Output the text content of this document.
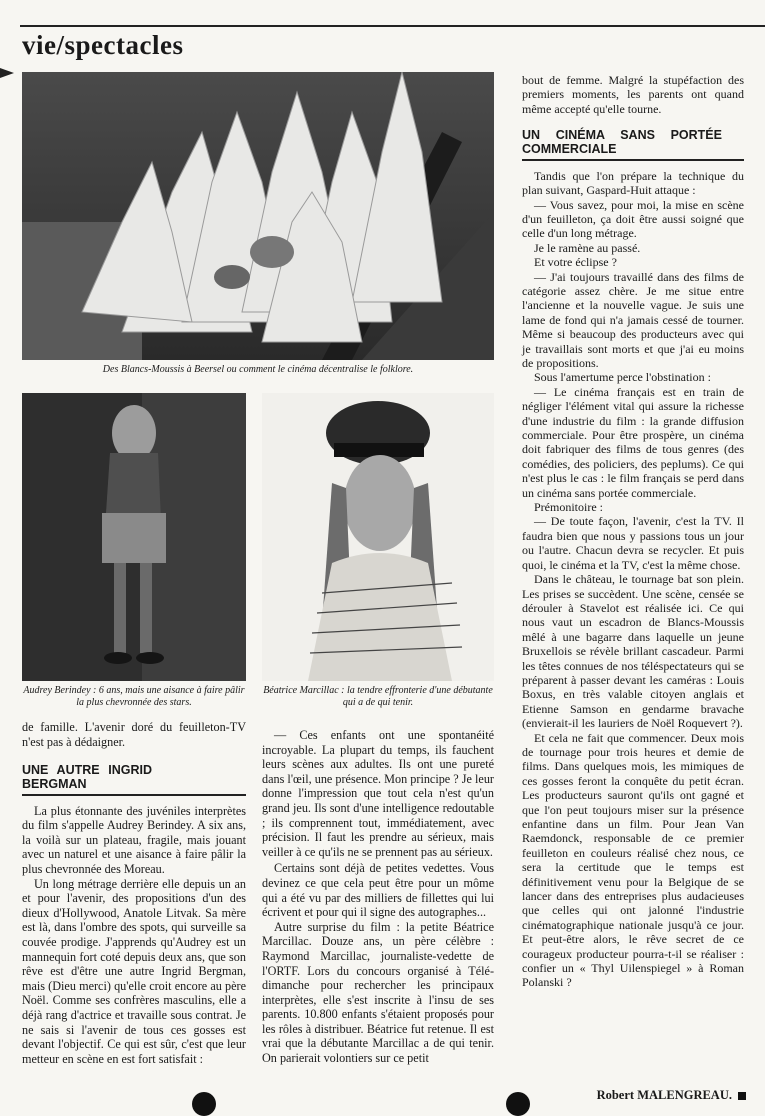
vie/spectacles
Des Blancs-Moussis à Beersel ou comment le cinéma décentralise le folklore.
Audrey Berindey : 6 ans, mais une aisance à faire pâlir la plus chevronnée des stars.
Béatrice Marcillac : la tendre effronterie d'une débutante qui a de qui tenir.

de famille. L'avenir doré du feuilleton-TV n'est pas à dédaigner.

UNE AUTRE INGRID BERGMAN

La plus étonnante des juvéniles interprètes du film s'appelle Audrey Berindey. A six ans, la voilà sur un plateau, fragile, mais jouant avec un naturel et une aisance à faire pâlir la plus chevronnée des Moreau.

Un long métrage derrière elle depuis un an et pour l'avenir, des propositions d'un des dieux d'Hollywood, Anatole Litvak. Sa mère est là, dans l'ombre des spots, qui surveille sa couvée prodige. J'apprends qu'Audrey est un mannequin fort coté depuis deux ans, que son rêve est d'être une autre Ingrid Bergman, mais (Dieu merci) qu'elle croit encore au père Noël. Comme ses confrères masculins, elle a déjà rang d'actrice et travaille sous contrat. Je ne sais si l'avenir de tous ces gosses est devant l'objectif. Ce qui est sûr, c'est que leur metteur en scène en est fort satisfait :

— Ces enfants ont une spontanéité incroyable. La plupart du temps, ils fauchent leurs scènes aux adultes. Ils ont une pureté dans l'œil, une présence. Mon principe ? Je leur donne l'impression que tout cela n'est qu'un grand jeu. Ils sont d'une intelligence redoutable ; ils comprennent tout, immédiatement, avec précision. Il faut les prendre au sérieux, mais veiller à ce qu'ils ne se prennent pas au sérieux.

Certains sont déjà de petites vedettes. Vous devinez ce que cela peut être pour un môme qui a été vu par des milliers de fillettes qui lui écrivent et pour qui il signe des autographes...

Autre surprise du film : la petite Béatrice Marcillac. Douze ans, un père célèbre : Raymond Marcillac, journaliste-vedette de l'ORTF. Lors du concours organisé à Télé-dimanche pour rechercher les principaux interprètes, elle s'est inscrite à l'insu de ses parents. 10.800 enfants s'étaient proposés pour les rôles à distribuer. Béatrice fut retenue. Il est vrai que la débutante Marcillac a de qui tenir. On parierait volontiers sur ce petit

bout de femme. Malgré la stupéfaction des premiers moments, les parents ont quand même accepté qu'elle tourne.

UN CINÉMA SANS PORTÉE COMMERCIALE

Tandis que l'on prépare la technique du plan suivant, Gaspard-Huit attaque :

— Vous savez, pour moi, la mise en scène d'un feuilleton, ça doit être aussi soigné que celle d'un long métrage.

Je le ramène au passé.

Et votre éclipse ?

— J'ai toujours travaillé dans des films de catégorie assez chère. Je me situe entre l'ancienne et la nouvelle vague. Je suis une lame de fond qui n'a jamais cessé de tourner. Même si beaucoup des producteurs avec qui je travaillais sont morts et que j'ai eu moins de propositions.

Sous l'amertume perce l'obstination :

— Le cinéma français est en train de négliger l'élément vital qui assure la richesse d'une industrie du film : la grande diffusion commerciale. Pour être prospère, un cinéma doit fabriquer des films de tous genres (des comédies, des policiers, des peplums). Ce qui n'est plus le cas : le film français se perd dans un cinéma sans portée commerciale.

Prémonitoire :

— De toute façon, l'avenir, c'est la TV. Il faudra bien que nous y passions tous un jour ou l'autre. Chacun devra se recycler. Et puis quoi, le cinéma et la TV, c'est la même chose.

Dans le château, le tournage bat son plein. Les prises se succèdent. Une scène, censée se dérouler à Stavelot est réalisée ici. Ce qui nous vaut un escadron de Blancs-Moussis mêlé à une bagarre dans laquelle un jeune Bruxellois se révèle brillant cascadeur. Parmi les têtes connues de nos téléspectateurs qui se préparent à passer devant les caméras : Louis Boxus, en très valable citoyen anglais et Etienne Samson en gendarme bravache (envierait-il les lauriers de Noël Roquevert ?).

Et cela ne fait que commencer. Deux mois de tournage pour trois heures et demie de films. Dans quelques mois, les mimiques de ces gosses feront la conquête du petit écran. Les producteurs sauront qu'ils ont gagné et que l'on peut toujours miser sur la présence enfantine dans un film. Pour Jean Van Raemdonck, responsable de ce premier feuilleton en couleurs réalisé chez nous, ce sera la certitude que le temps est définitivement venu pour la Belgique de se lancer dans des entreprises plus audacieuses que celles qui ont jalonné l'industrie cinématographique nationale jusqu'à ce jour. Et peut-être alors, le rêve secret de ce courageux producteur pourra-t-il se réaliser : confier un « Thyl Uilenspiegel » à Roman Polanski ?

Robert MALENGREAU.
